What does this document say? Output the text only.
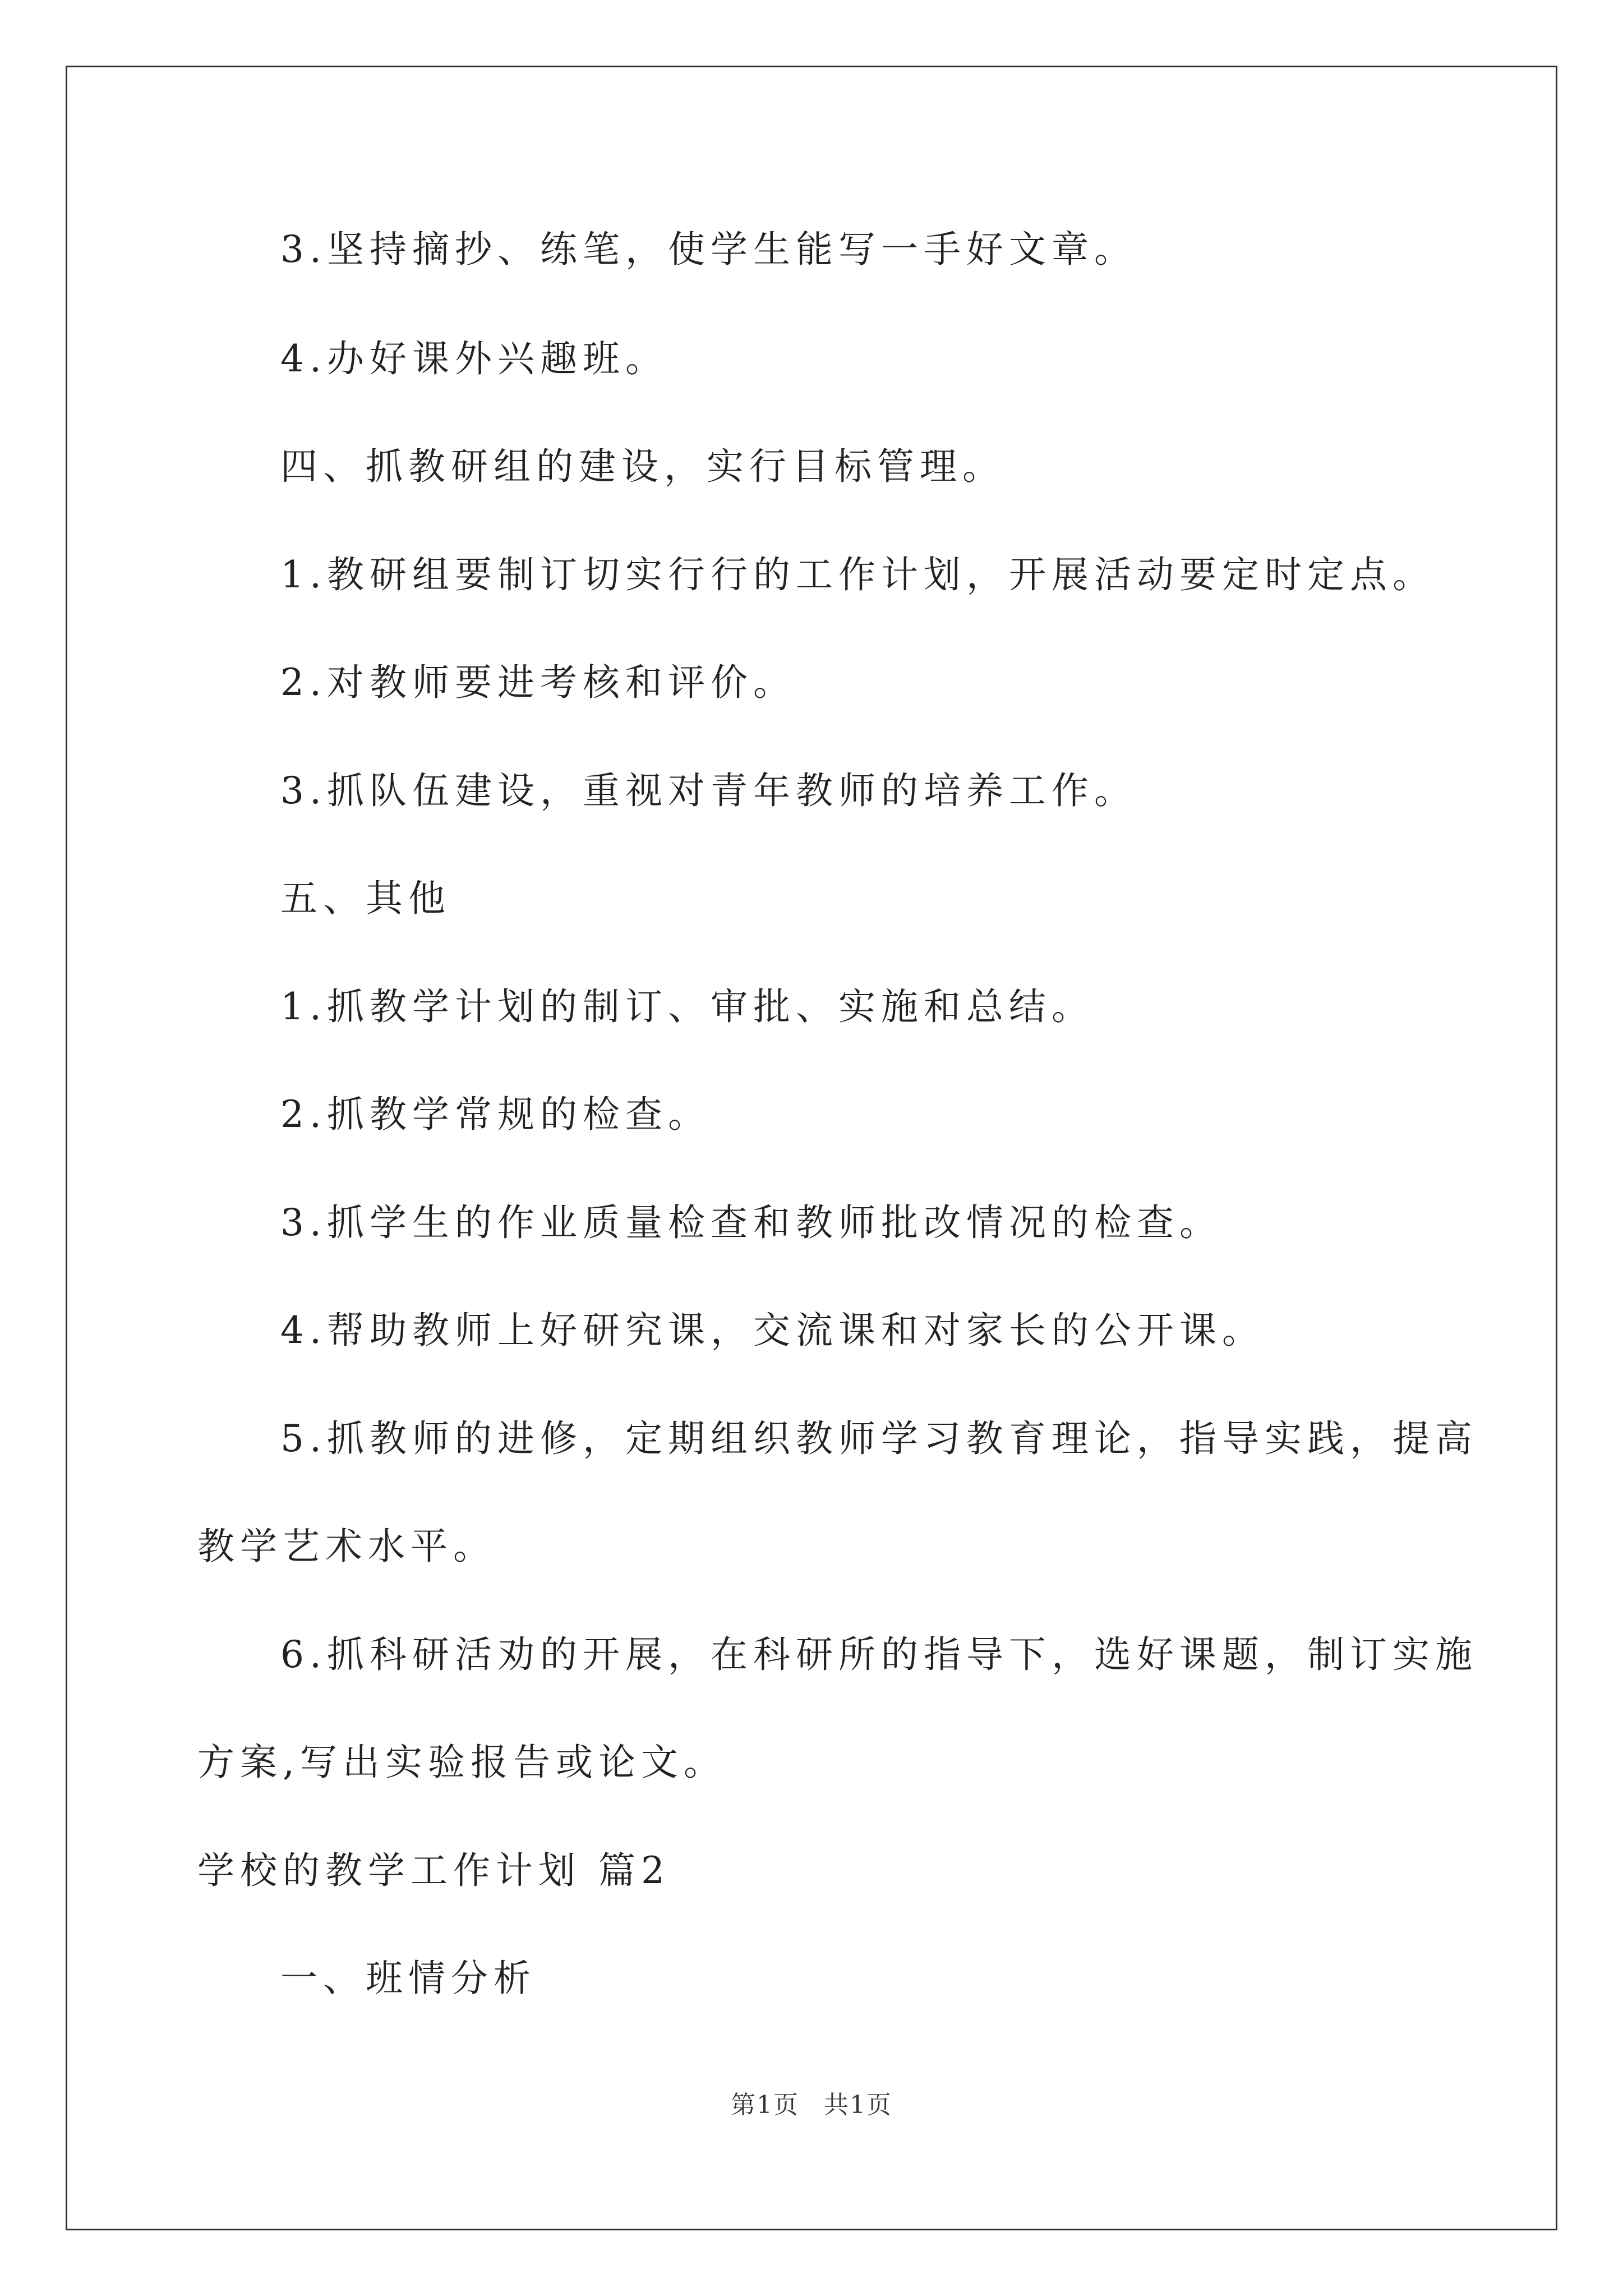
3.坚持摘抄、练笔，使学生能写一手好文章。
4.办好课外兴趣班。
四、抓教研组的建设，实行目标管理。
1.教研组要制订切实行行的工作计划，开展活动要定时定点。
2.对教师要进考核和评价。
3.抓队伍建设，重视对青年教师的培养工作。
五、其他
1.抓教学计划的制订、审批、实施和总结。
2.抓教学常规的检查。
3.抓学生的作业质量检查和教师批改情况的检查。
4.帮助教师上好研究课，交流课和对家长的公开课。
5.抓教师的进修，定期组织教师学习教育理论，指导实践，提高
教学艺术水平。
6.抓科研活劝的开展，在科研所的指导下，选好课题，制订实施
方案,写出实验报告或论文。
学校的教学工作计划 篇2
一、班情分析
第1页 共1页
